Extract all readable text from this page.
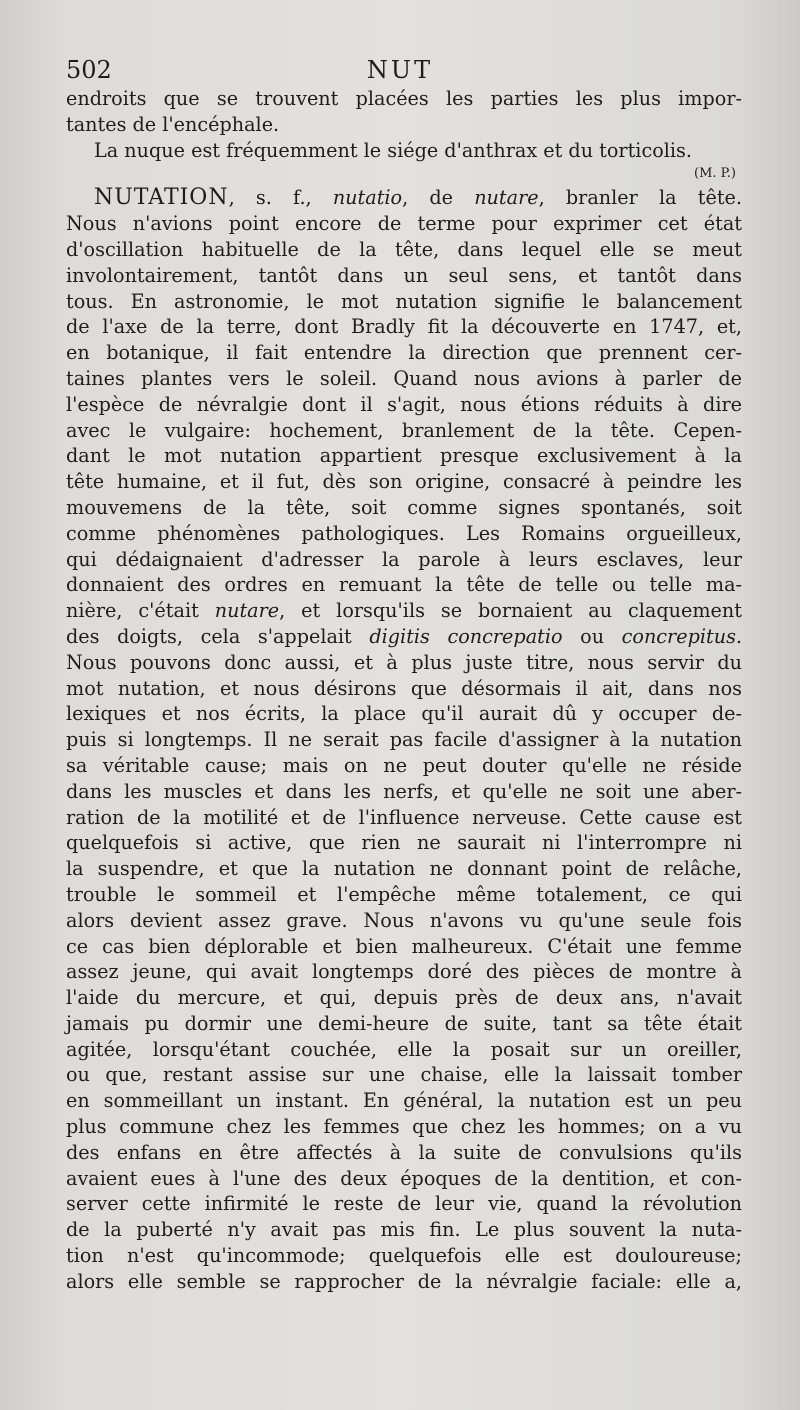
502	NUT
endroits que se trouvent placées les parties les plus impor-
tantes de l'encéphale.
La nuque est fréquemment le siége d'anthrax et du torticolis.
(M. P.)
NUTATION, s. f., nutatio, de nutare, branler la tête.
Nous n'avions point encore de terme pour exprimer cet état
d'oscillation habituelle de la tête, dans lequel elle se meut
involontairement, tantôt dans un seul sens, et tantôt dans
tous. En astronomie, le mot nutation signifie le balancement
de l'axe de la terre, dont Bradly fit la découverte en 1747, et,
en botanique, il fait entendre la direction que prennent cer-
taines plantes vers le soleil. Quand nous avions à parler de
l'espèce de névralgie dont il s'agit, nous étions réduits à dire
avec le vulgaire: hochement, branlement de la tête. Cepen-
dant le mot nutation appartient presque exclusivement à la
tête humaine, et il fut, dès son origine, consacré à peindre les
mouvemens de la tête, soit comme signes spontanés, soit
comme phénomènes pathologiques. Les Romains orgueilleux,
qui dédaignaient d'adresser la parole à leurs esclaves, leur
donnaient des ordres en remuant la tête de telle ou telle ma-
nière, c'était nutare, et lorsqu'ils se bornaient au claquement
des doigts, cela s'appelait digitis concrepatio ou concrepitus.
Nous pouvons donc aussi, et à plus juste titre, nous servir du
mot nutation, et nous désirons que désormais il ait, dans nos
lexiques et nos écrits, la place qu'il aurait dû y occuper de-
puis si longtemps. Il ne serait pas facile d'assigner à la nutation
sa véritable cause; mais on ne peut douter qu'elle ne réside
dans les muscles et dans les nerfs, et qu'elle ne soit une aber-
ration de la motilité et de l'influence nerveuse. Cette cause est
quelquefois si active, que rien ne saurait ni l'interrompre ni
la suspendre, et que la nutation ne donnant point de relâche,
trouble le sommeil et l'empêche même totalement, ce qui
alors devient assez grave. Nous n'avons vu qu'une seule fois
ce cas bien déplorable et bien malheureux. C'était une femme
assez jeune, qui avait longtemps doré des pièces de montre à
l'aide du mercure, et qui, depuis près de deux ans, n'avait
jamais pu dormir une demi-heure de suite, tant sa tête était
agitée, lorsqu'étant couchée, elle la posait sur un oreiller,
ou que, restant assise sur une chaise, elle la laissait tomber
en sommeillant un instant. En général, la nutation est un peu
plus commune chez les femmes que chez les hommes; on a vu
des enfans en être affectés à la suite de convulsions qu'ils
avaient eues à l'une des deux époques de la dentition, et con-
server cette infirmité le reste de leur vie, quand la révolution
de la puberté n'y avait pas mis fin. Le plus souvent la nuta-
tion n'est qu'incommode; quelquefois elle est douloureuse;
alors elle semble se rapprocher de la névralgie faciale: elle a,
